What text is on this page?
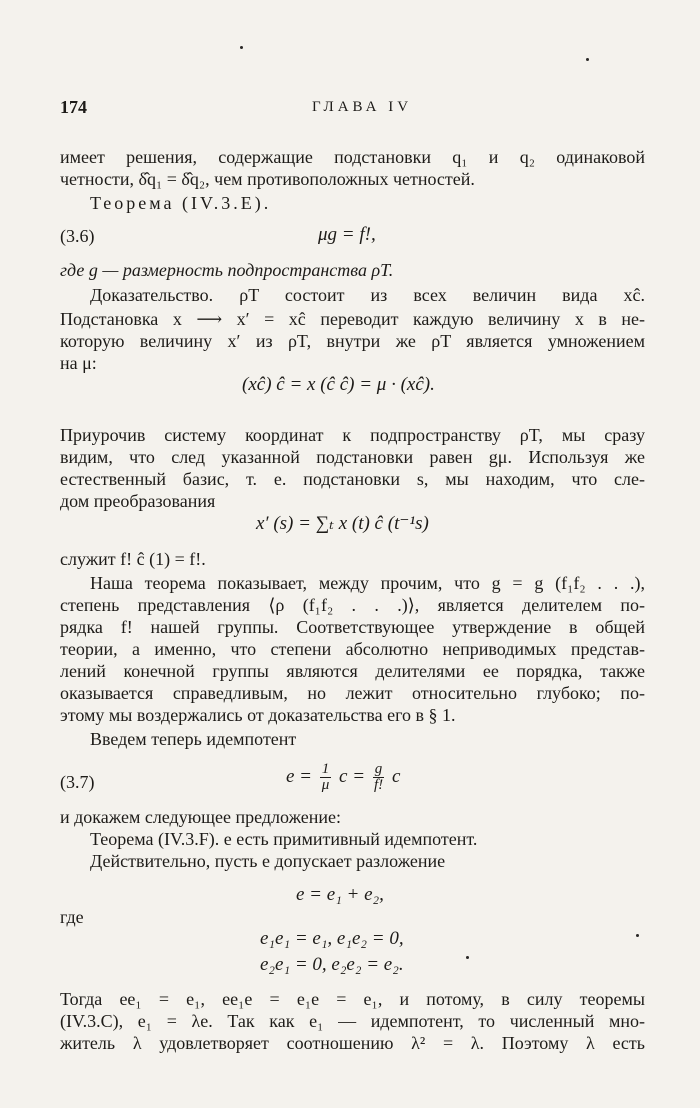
174	ГЛАВА IV
имеет решения, содержащие подстановки q₁ и q₂ одинаковой
четности, δ̂q₁ = δ̂q₂, чем противоположных четностей.
Теорема (IV.3.E).
(3.6)	μg = f!,
где g — размерность подпространства ρT.
Доказательство. ρT состоит из всех величин вида xĉ.
Подстановка x ⟶ x′ = xĉ переводит каждую величину x в не-
которую величину x′ из ρT, внутри же ρT является умножением
на μ:
(xĉ) ĉ = x (ĉ ĉ) = μ · (xĉ).
Приурочив систему координат к подпространству ρT, мы сразу
видим, что след указанной подстановки равен gμ. Используя же
естественный базис, т. е. подстановки s, мы находим, что сле-
дом преобразования
x′ (s) = ∑ₜ x (t) ĉ (t⁻¹s)
служит f! ĉ (1) = f!.
Наша теорема показывает, между прочим, что g = g (f₁f₂ . . .),
степень представления ⟨ρ (f₁f₂ . . .)⟩, является делителем по-
рядка f! нашей группы. Соответствующее утверждение в общей
теории, а именно, что степени абсолютно неприводимых представ-
лений конечной группы являются делителями ее порядка, также
оказывается справедливым, но лежит относительно глубоко; по-
этому мы воздержались от доказательства его в § 1.
Введем теперь идемпотент
(3.7)	$e = \frac{1}{\mu}$ $c = \frac{g}{f!}$ c
и докажем следующее предложение:
Теорема (IV.3.F). e есть примитивный идемпотент.
Действительно, пусть e допускает разложение
e = e₁ + e₂,
где
e₁e₁ = e₁, e₁e₂ = 0,
e₂e₁ = 0, e₂e₂ = e₂.
Тогда ee₁ = e₁, ee₁e = e₁e = e₁, и потому, в силу теоремы
(IV.3.C), e₁ = λe. Так как e₁ — идемпотент, то численный мно-
житель λ удовлетворяет соотношению λ² = λ. Поэтому λ есть
